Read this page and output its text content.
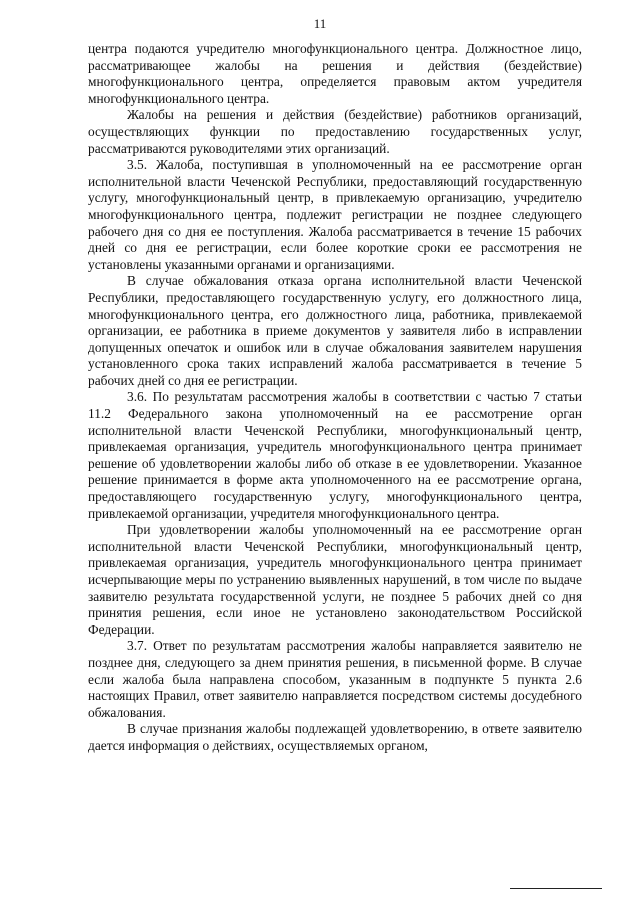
11

центра подаются учредителю многофункционального центра. Должностное лицо, рассматривающее жалобы на решения и действия (бездействие) многофункционального центра, определяется правовым актом учредителя многофункционального центра.

Жалобы на решения и действия (бездействие) работников организаций, осуществляющих функции по предоставлению государственных услуг, рассматриваются руководителями этих организаций.

3.5. Жалоба, поступившая в уполномоченный на ее рассмотрение орган исполнительной власти Чеченской Республики, предоставляющий государственную услугу, многофункциональный центр, в привлекаемую организацию, учредителю многофункционального центра, подлежит регистрации не позднее следующего рабочего дня со дня ее поступления. Жалоба рассматривается в течение 15 рабочих дней со дня ее регистрации, если более короткие сроки ее рассмотрения не установлены указанными органами и организациями.

В случае обжалования отказа органа исполнительной власти Чеченской Республики, предоставляющего государственную услугу, его должностного лица, многофункционального центра, его должностного лица, работника, привлекаемой организации, ее работника в приеме документов у заявителя либо в исправлении допущенных опечаток и ошибок или в случае обжалования заявителем нарушения установленного срока таких исправлений жалоба рассматривается в течение 5 рабочих дней со дня ее регистрации.

3.6. По результатам рассмотрения жалобы в соответствии с частью 7 статьи 11.2 Федерального закона уполномоченный на ее рассмотрение орган исполнительной власти Чеченской Республики, многофункциональный центр, привлекаемая организация, учредитель многофункционального центра принимает решение об удовлетворении жалобы либо об отказе в ее удовлетворении. Указанное решение принимается в форме акта уполномоченного на ее рассмотрение органа, предоставляющего государственную услугу, многофункционального центра, привлекаемой организации, учредителя многофункционального центра.

При удовлетворении жалобы уполномоченный на ее рассмотрение орган исполнительной власти Чеченской Республики, многофункциональный центр, привлекаемая организация, учредитель многофункционального центра принимает исчерпывающие меры по устранению выявленных нарушений, в том числе по выдаче заявителю результата государственной услуги, не позднее 5 рабочих дней со дня принятия решения, если иное не установлено законодательством Российской Федерации.

3.7. Ответ по результатам рассмотрения жалобы направляется заявителю не позднее дня, следующего за днем принятия решения, в письменной форме. В случае если жалоба была направлена способом, указанным в подпункте 5 пункта 2.6 настоящих Правил, ответ заявителю направляется посредством системы досудебного обжалования.

В случае признания жалобы подлежащей удовлетворению, в ответе заявителю дается информация о действиях, осуществляемых органом,
